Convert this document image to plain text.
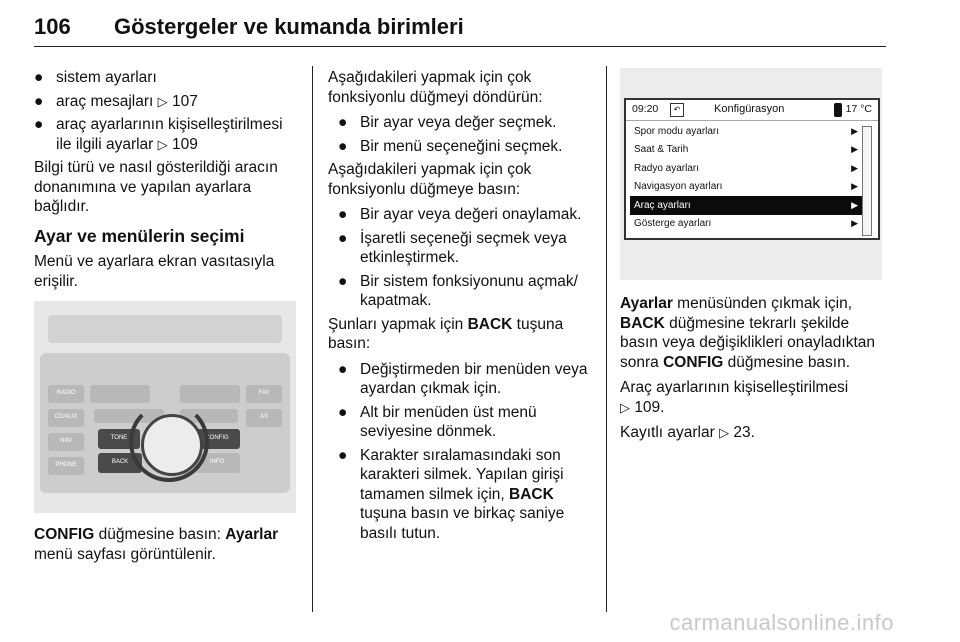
106	Göstergeler ve kumanda birimleri
● sistem ayarları
● araç mesajları ▷ 107
● araç ayarlarının kişiselleştirilmesi ile ilgili ayarlar ▷ 109

Bilgi türü ve nasıl gösterildiği aracın donanımına ve yapılan ayarlara bağlıdır.

Ayar ve menülerin seçimi

Menü ve ayarlara ekran vasıtasıyla erişilir.

RADIO
CD/AUX
NAV
PHONE
FAV
AS
TONE
BACK
CONFIG
INFO

CONFIG düğmesine basın: Ayarlar menü sayfası görüntülenir.

Aşağıdakileri yapmak için çok fonksiyonlu düğmeyi döndürün:

● Bir ayar veya değer seçmek.
● Bir menü seçeneğini seçmek.

Aşağıdakileri yapmak için çok fonksiyonlu düğmeye basın:

● Bir ayar veya değeri onaylamak.
● İşaretli seçeneği seçmek veya etkinleştirmek.
● Bir sistem fonksiyonunu açmak/ kapatmak.

Şunları yapmak için BACK tuşuna basın:

● Değiştirmeden bir menüden veya ayardan çıkmak için.
● Alt bir menüden üst menü seviyesine dönmek.
● Karakter sıralamasındaki son karakteri silmek. Yapılan girişi tamamen silmek için, BACK tuşuna basın ve birkaç saniye basılı tutun.
09:20	↶	Konfigürasyon	17 °C
Spor modu ayarları	▶
Saat & Tarih	▶
Radyo ayarları	▶
Navigasyon ayarları	▶
Araç ayarları	▶
Gösterge ayarları	▶

Ayarlar menüsünden çıkmak için, BACK düğmesine tekrarlı şekilde basın veya değişiklikleri onayladıktan sonra CONFIG düğmesine basın.

Araç ayarlarının kişiselleştirilmesi
▷ 109.

Kayıtlı ayarlar ▷ 23.

carmanualsonline.info
